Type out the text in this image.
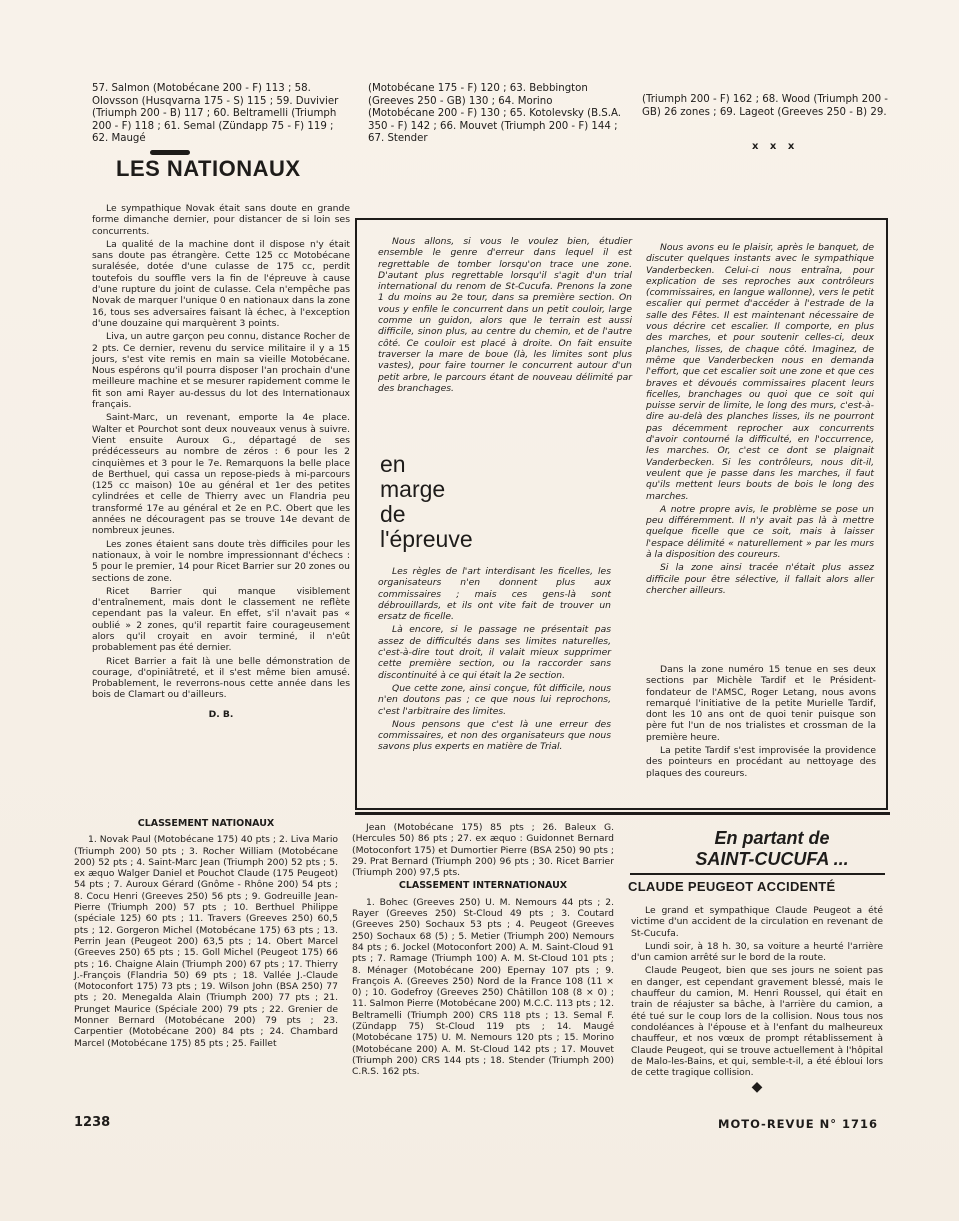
57. Salmon (Motobécane 200 - F) 113 ; 58. Olovsson (Husqvarna 175 - S) 115 ; 59. Duvivier (Triumph 200 - B) 117 ; 60. Beltramelli (Triumph 200 - F) 118 ; 61. Semal (Zündapp 75 - F) 119 ; 62. Maugé
(Motobécane 175 - F) 120 ; 63. Bebbington (Greeves 250 - GB) 130 ; 64. Morino (Motobécane 200 - F) 130 ; 65. Kotolevsky (B.S.A. 350 - F) 142 ; 66. Mouvet (Triumph 200 - F) 144 ; 67. Stender
(Triumph 200 - F) 162 ; 68. Wood (Triumph 200 - GB) 26 zones ; 69. Lageot (Greeves 250 - B) 29.
x x x
LES NATIONAUX

Le sympathique Novak était sans doute en grande forme dimanche dernier, pour distancer de si loin ses concurrents.

La qualité de la machine dont il dispose n'y était sans doute pas étrangère. Cette 125 cc Motobécane suralésée, dotée d'une culasse de 175 cc, perdit toutefois du souffle vers la fin de l'épreuve à cause d'une rupture du joint de culasse. Cela n'empêche pas Novak de marquer l'unique 0 en nationaux dans la zone 16, tous ses adversaires faisant là échec, à l'exception d'une douzaine qui marquèrent 3 points.

Liva, un autre garçon peu connu, distance Rocher de 2 pts. Ce dernier, revenu du service militaire il y a 15 jours, s'est vite remis en main sa vieille Motobécane. Nous espérons qu'il pourra disposer l'an prochain d'une meilleure machine et se mesurer rapidement comme le fit son ami Rayer au-dessus du lot des Internationaux français.

Saint-Marc, un revenant, emporte la 4e place. Walter et Pourchot sont deux nouveaux venus à suivre. Vient ensuite Auroux G., départagé de ses prédécesseurs au nombre de zéros : 6 pour les 2 cinquièmes et 3 pour le 7e. Remarquons la belle place de Berthuel, qui cassa un repose-pieds à mi-parcours (125 cc maison) 10e au général et 1er des petites cylindrées et celle de Thierry avec un Flandria peu transformé 17e au général et 2e en P.C. Obert que les années ne découragent pas se trouve 14e devant de nombreux jeunes.

Les zones étaient sans doute très difficiles pour les nationaux, à voir le nombre impressionnant d'échecs : 5 pour le premier, 14 pour Ricet Barrier sur 20 zones ou sections de zone.

Ricet Barrier qui manque visiblement d'entraînement, mais dont le classement ne reflète cependant pas la valeur. En effet, s'il n'avait pas « oublié » 2 zones, qu'il repartit faire courageusement alors qu'il croyait en avoir terminé, il n'eût probablement pas été dernier.

Ricet Barrier a fait là une belle démonstration de courage, d'opiniâtreté, et il s'est même bien amusé. Probablement, le reverrons-nous cette année dans les bois de Clamart ou d'ailleurs.

D. B.

Nous allons, si vous le voulez bien, étudier ensemble le genre d'erreur dans lequel il est regrettable de tomber lorsqu'on trace une zone. D'autant plus regrettable lorsqu'il s'agit d'un trial international du renom de St-Cucufa. Prenons la zone 1 du moins au 2e tour, dans sa première section. On vous y enfile le concurrent dans un petit couloir, large comme un guidon, alors que le terrain est aussi difficile, sinon plus, au centre du chemin, et de l'autre côté. Ce couloir est placé à droite. On fait ensuite traverser la mare de boue (là, les limites sont plus vastes), pour faire tourner le concurrent autour d'un petit arbre, le parcours étant de nouveau délimité par des branchages.

en
marge
de
l'épreuve

Les règles de l'art interdisant les ficelles, les organisateurs n'en donnent plus aux commissaires ; mais ces gens-là sont débrouillards, et ils ont vite fait de trouver un ersatz de ficelle.

Là encore, si le passage ne présentait pas assez de difficultés dans ses limites naturelles, c'est-à-dire tout droit, il valait mieux supprimer cette première section, ou la raccorder sans discontinuité à ce qui était la 2e section.

Que cette zone, ainsi conçue, fût difficile, nous n'en doutons pas ; ce que nous lui reprochons, c'est l'arbitraire des limites.

Nous pensons que c'est là une erreur des commissaires, et non des organisateurs que nous savons plus experts en matière de Trial.

Nous avons eu le plaisir, après le banquet, de discuter quelques instants avec le sympathique Vanderbecken. Celui-ci nous entraîna, pour explication de ses reproches aux contrôleurs (commissaires, en langue wallonne), vers le petit escalier qui permet d'accéder à l'estrade de la salle des Fêtes. Il est maintenant nécessaire de vous décrire cet escalier. Il comporte, en plus des marches, et pour soutenir celles-ci, deux planches, lisses, de chaque côté. Imaginez, de même que Vanderbecken nous en demanda l'effort, que cet escalier soit une zone et que ces braves et dévoués commissaires placent leurs ficelles, branchages ou quoi que ce soit qui puisse servir de limite, le long des murs, c'est-à-dire au-delà des planches lisses, ils ne pourront pas décemment reprocher aux concurrents d'avoir contourné la difficulté, en l'occurrence, les marches. Or, c'est ce dont se plaignait Vanderbecken. Si les contrôleurs, nous dit-il, veulent que je passe dans les marches, il faut qu'ils mettent leurs bouts de bois le long des marches.

A notre propre avis, le problème se pose un peu différemment. Il n'y avait pas là à mettre quelque ficelle que ce soit, mais à laisser l'espace délimité « naturellement » par les murs à la disposition des coureurs.

Si la zone ainsi tracée n'était plus assez difficile pour être sélective, il fallait alors aller chercher ailleurs.

Dans la zone numéro 15 tenue en ses deux sections par Michèle Tardif et le Président-fondateur de l'AMSC, Roger Letang, nous avons remarqué l'initiative de la petite Murielle Tardif, dont les 10 ans ont de quoi tenir puisque son père fut l'un de nos trialistes et crossman de la première heure.

La petite Tardif s'est improvisée la providence des pointeurs en procédant au nettoyage des plaques des coureurs.

CLASSEMENT NATIONAUX

1. Novak Paul (Motobécane 175) 40 pts ; 2. Liva Mario (Triumph 200) 50 pts ; 3. Rocher William (Motobécane 200) 52 pts ; 4. Saint-Marc Jean (Triumph 200) 52 pts ; 5. ex æquo Walger Daniel et Pouchot Claude (175 Peugeot) 54 pts ; 7. Auroux Gérard (Gnôme - Rhône 200) 54 pts ; 8. Cocu Henri (Greeves 250) 56 pts ; 9. Godreuille Jean-Pierre (Triumph 200) 57 pts ; 10. Berthuel Philippe (spéciale 125) 60 pts ; 11. Travers (Greeves 250) 60,5 pts ; 12. Gorgeron Michel (Motobécane 175) 63 pts ; 13. Perrin Jean (Peugeot 200) 63,5 pts ; 14. Obert Marcel (Greeves 250) 65 pts ; 15. Goll Michel (Peugeot 175) 66 pts ; 16. Chaigne Alain (Triumph 200) 67 pts ; 17. Thierry J.-François (Flandria 50) 69 pts ; 18. Vallée J.-Claude (Motoconfort 175) 73 pts ; 19. Wilson John (BSA 250) 77 pts ; 20. Menegalda Alain (Triumph 200) 77 pts ; 21. Prunget Maurice (Spéciale 200) 79 pts ; 22. Grenier de Monner Bernard (Motobécane 200) 79 pts ; 23. Carpentier (Motobécane 200) 84 pts ; 24. Chambard Marcel (Motobécane 175) 85 pts ; 25. Faillet

Jean (Motobécane 175) 85 pts ; 26. Baleux G. (Hercules 50) 86 pts ; 27. ex æquo : Guidonnet Bernard (Motoconfort 175) et Dumortier Pierre (BSA 250) 90 pts ; 29. Prat Bernard (Triumph 200) 96 pts ; 30. Ricet Barrier (Triumph 200) 97,5 pts.

CLASSEMENT INTERNATIONAUX

1. Bohec (Greeves 250) U. M. Nemours 44 pts ; 2. Rayer (Greeves 250) St-Cloud 49 pts ; 3. Coutard (Greeves 250) Sochaux 53 pts ; 4. Peugeot (Greeves 250) Sochaux 68 (5) ; 5. Metier (Triumph 200) Nemours 84 pts ; 6. Jockel (Motoconfort 200) A. M. Saint-Cloud 91 pts ; 7. Ramage (Triumph 100) A. M. St-Cloud 101 pts ; 8. Ménager (Motobécane 200) Epernay 107 pts ; 9. François A. (Greeves 250) Nord de la France 108 (11 × 0) ; 10. Godefroy (Greeves 250) Châtillon 108 (8 × 0) ; 11. Salmon Pierre (Motobécane 200) M.C.C. 113 pts ; 12. Beltramelli (Triumph 200) CRS 118 pts ; 13. Semal F. (Zündapp 75) St-Cloud 119 pts ; 14. Maugé (Motobécane 175) U. M. Nemours 120 pts ; 15. Morino (Motobécane 200) A. M. St-Cloud 142 pts ; 17. Mouvet (Triumph 200) CRS 144 pts ; 18. Stender (Triumph 200) C.R.S. 162 pts.

En partant de
SAINT-CUCUFA ...
CLAUDE PEUGEOT ACCIDENTÉ

Le grand et sympathique Claude Peugeot a été victime d'un accident de la circulation en revenant de St-Cucufa.

Lundi soir, à 18 h. 30, sa voiture a heurté l'arrière d'un camion arrêté sur le bord de la route.

Claude Peugeot, bien que ses jours ne soient pas en danger, est cependant gravement blessé, mais le chauffeur du camion, M. Henri Roussel, qui était en train de réajuster sa bâche, à l'arrière du camion, a été tué sur le coup lors de la collision. Nous tous nos condoléances à l'épouse et à l'enfant du malheureux chauffeur, et nos vœux de prompt rétablissement à Claude Peugeot, qui se trouve actuellement à l'hôpital de Malo-les-Bains, et qui, semble-t-il, a été ébloui lors de cette tragique collision.

◆
1238	MOTO-REVUE N° 1716
